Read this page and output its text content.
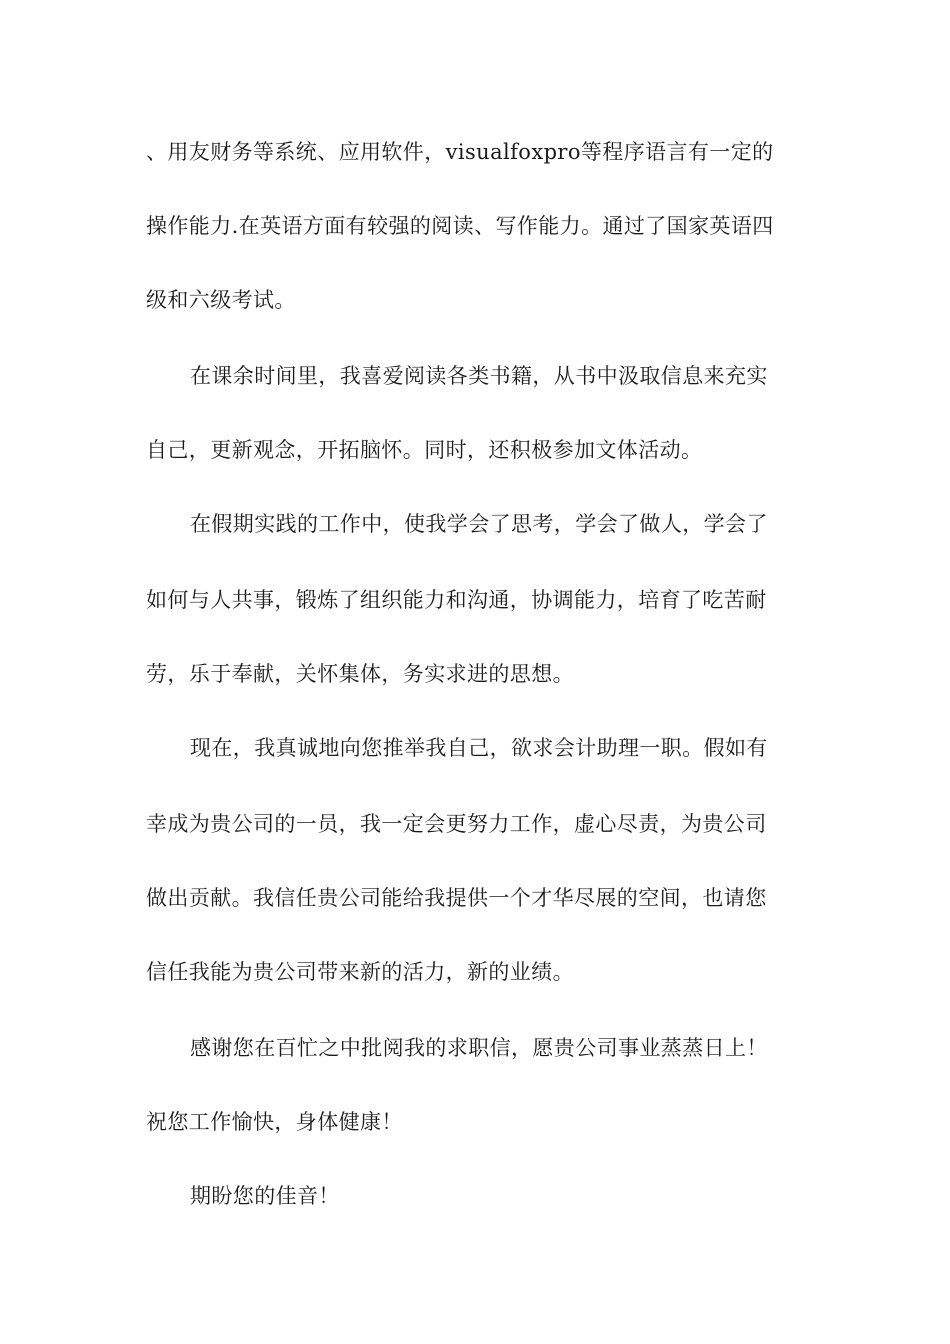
、用友财务等系统、应用软件，visualfoxpro等程序语言有一定的
操作能力.在英语方面有较强的阅读、写作能力。通过了国家英语四
级和六级考试。
在课余时间里，我喜爱阅读各类书籍，从书中汲取信息来充实
自己，更新观念，开拓脑怀。同时，还积极参加文体活动。
在假期实践的工作中，使我学会了思考，学会了做人，学会了
如何与人共事，锻炼了组织能力和沟通，协调能力，培育了吃苦耐
劳，乐于奉献，关怀集体，务实求进的思想。
现在，我真诚地向您推举我自己，欲求会计助理一职。假如有
幸成为贵公司的一员，我一定会更努力工作，虚心尽责，为贵公司
做出贡献。我信任贵公司能给我提供一个才华尽展的空间，也请您
信任我能为贵公司带来新的活力，新的业绩。
感谢您在百忙之中批阅我的求职信，愿贵公司事业蒸蒸日上！
祝您工作愉快，身体健康！
期盼您的佳音！
